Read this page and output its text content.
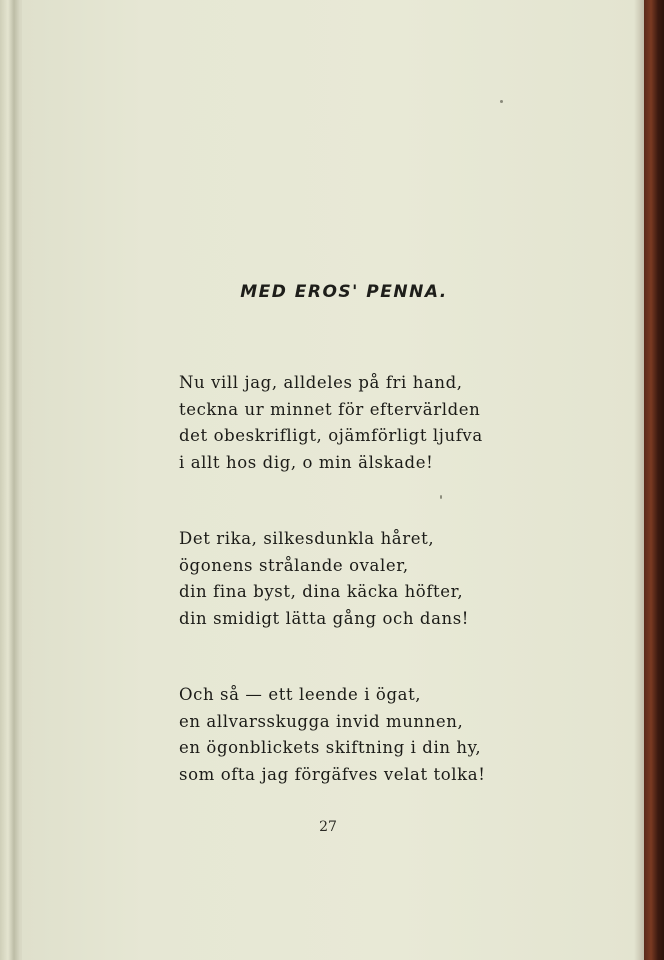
MED EROS' PENNA.
Nu vill jag, alldeles på fri hand,
teckna ur minnet för eftervärlden
det obeskrifligt, ojämförligt ljufva
i allt hos dig, o min älskade!
Det rika, silkesdunkla håret,
ögonens strålande ovaler,
din fina byst, dina käcka höfter,
din smidigt lätta gång och dans!
Och så — ett leende i ögat,
en allvarsskugga invid munnen,
en ögonblickets skiftning i din hy,
som ofta jag förgäfves velat tolka!
27
